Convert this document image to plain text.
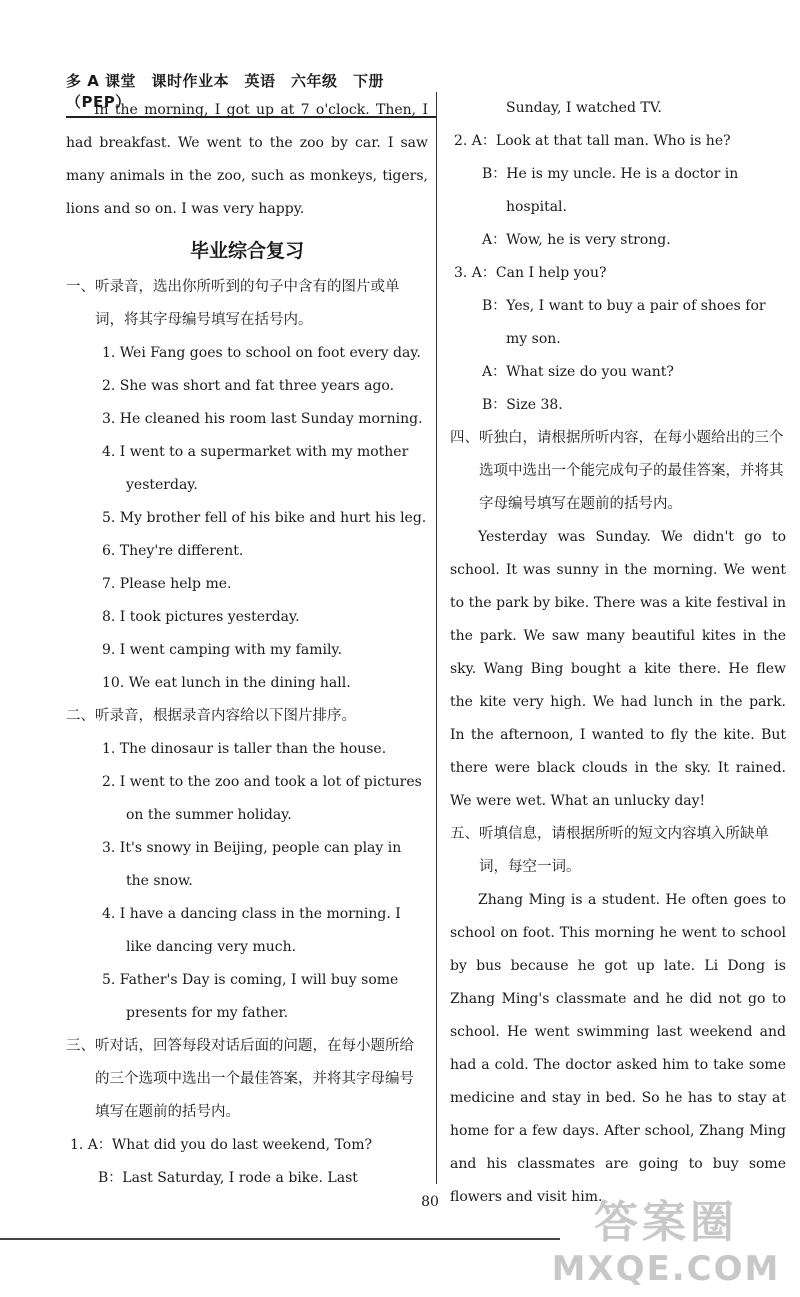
多 A 课堂　课时作业本　英语　六年级　下册（PEP）

In the morning, I got up at 7 o'clock. Then, I had breakfast. We went to the zoo by car. I saw many animals in the zoo, such as monkeys, tigers, lions and so on. I was very happy.

毕业综合复习

一、听录音，选出你所听到的句子中含有的图片或单词，将其字母编号填写在括号内。

1. Wei Fang goes to school on foot every day.

2. She was short and fat three years ago.

3. He cleaned his room last Sunday morning.

4. I went to a supermarket with my mother yesterday.

5. My brother fell of his bike and hurt his leg.

6. They're different.

7. Please help me.

8. I took pictures yesterday.

9. I went camping with my family.

10. We eat lunch in the dining hall.

二、听录音，根据录音内容给以下图片排序。

1. The dinosaur is taller than the house.

2. I went to the zoo and took a lot of pictures on the summer holiday.

3. It's snowy in Beijing, people can play in the snow.

4. I have a dancing class in the morning. I like dancing very much.

5. Father's Day is coming, I will buy some presents for my father.

三、听对话，回答每段对话后面的问题，在每小题所给的三个选项中选出一个最佳答案，并将其字母编号填写在题前的括号内。

1. A：What did you do last weekend, Tom?

B：Last Saturday, I rode a bike. Last

Sunday, I watched TV.

2. A：Look at that tall man. Who is he?

B：He is my uncle. He is a doctor in hospital.

A：Wow, he is very strong.

3. A：Can I help you?

B：Yes, I want to buy a pair of shoes for my son.

A：What size do you want?

B：Size 38.

四、听独白，请根据所听内容，在每小题给出的三个选项中选出一个能完成句子的最佳答案，并将其字母编号填写在题前的括号内。

Yesterday was Sunday. We didn't go to school. It was sunny in the morning. We went to the park by bike. There was a kite festival in the park. We saw many beautiful kites in the sky. Wang Bing bought a kite there. He flew the kite very high. We had lunch in the park. In the afternoon, I wanted to fly the kite. But there were black clouds in the sky. It rained. We were wet. What an unlucky day!

五、听填信息，请根据所听的短文内容填入所缺单词，每空一词。

Zhang Ming is a student. He often goes to school on foot. This morning he went to school by bus because he got up late. Li Dong is Zhang Ming's classmate and he did not go to school. He went swimming last weekend and had a cold. The doctor asked him to take some medicine and stay in bed. So he has to stay at home for a few days. After school, Zhang Ming and his classmates are going to buy some flowers and visit him.

80	答案圈
MXQE.COM
